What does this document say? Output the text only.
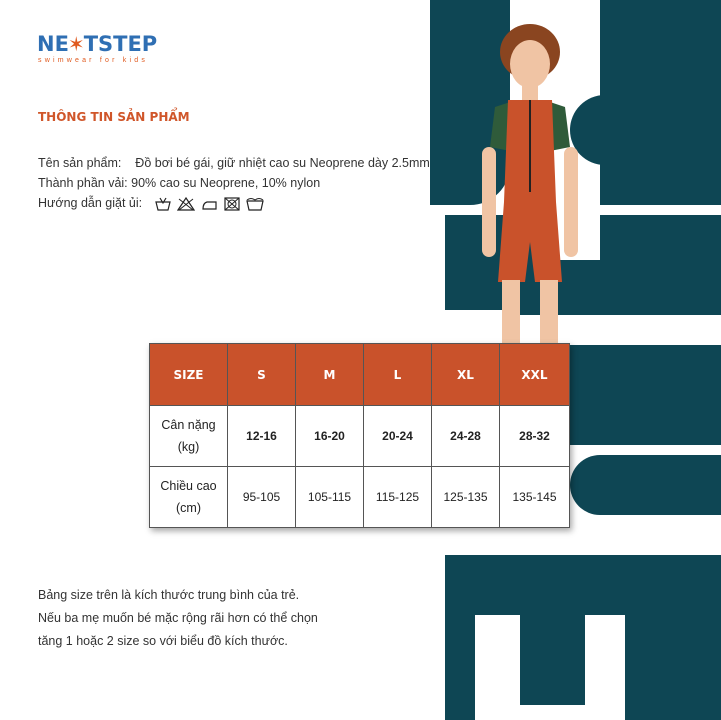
NE ✶ TSTEP
swimwear for kids
THÔNG TIN SẢN PHẨM
Tên sản phẩm: Đồ bơi bé gái, giữ nhiệt cao su Neoprene dày 2.5mm
Thành phần vải: 90% cao su Neoprene, 10% nylon
Hướng dẫn giặt ủi:
SIZE	S	M	L	XL	XXL

Cân nặng
(kg)	12-16	16-20	20-24	24-28	28-32

Chiều cao
(cm)	95-105	105-115	115-125	125-135	135-145
Bảng size trên là kích thước trung bình của trẻ.
Nếu ba mẹ muốn bé mặc rộng rãi hơn có thể chọn
tăng 1 hoặc 2 size so với biểu đồ kích thước.
